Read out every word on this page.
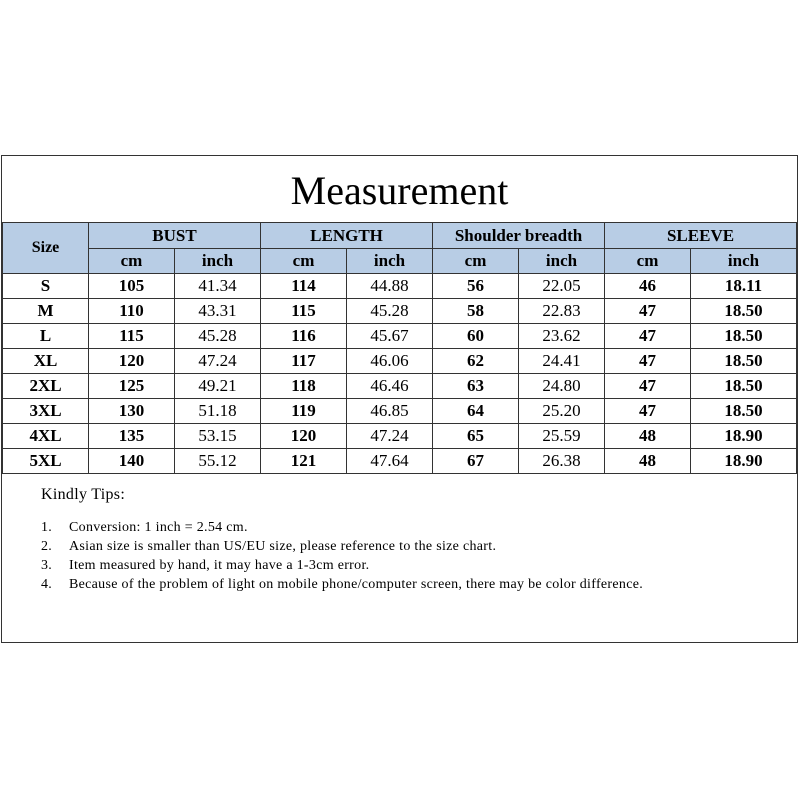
Measurement
Size	BUST		LENGTH		Shoulder breadth		SLEEVE	
	cm	inch	cm	inch	cm	inch	cm	inch
S	105	41.34	114	44.88	56	22.05	46	18.11
M	110	43.31	115	45.28	58	22.83	47	18.50
L	115	45.28	116	45.67	60	23.62	47	18.50
XL	120	47.24	117	46.06	62	24.41	47	18.50
2XL	125	49.21	118	46.46	63	24.80	47	18.50
3XL	130	51.18	119	46.85	64	25.20	47	18.50
4XL	135	53.15	120	47.24	65	25.59	48	18.90
5XL	140	55.12	121	47.64	67	26.38	48	18.90
Kindly Tips:
1.	Conversion: 1 inch = 2.54 cm.
2.	Asian size is smaller than US/EU size, please reference to the size chart.
3.	Item measured by hand, it may have a 1-3cm error.
4.	Because of the problem of light on mobile phone/computer screen, there may be color difference.
